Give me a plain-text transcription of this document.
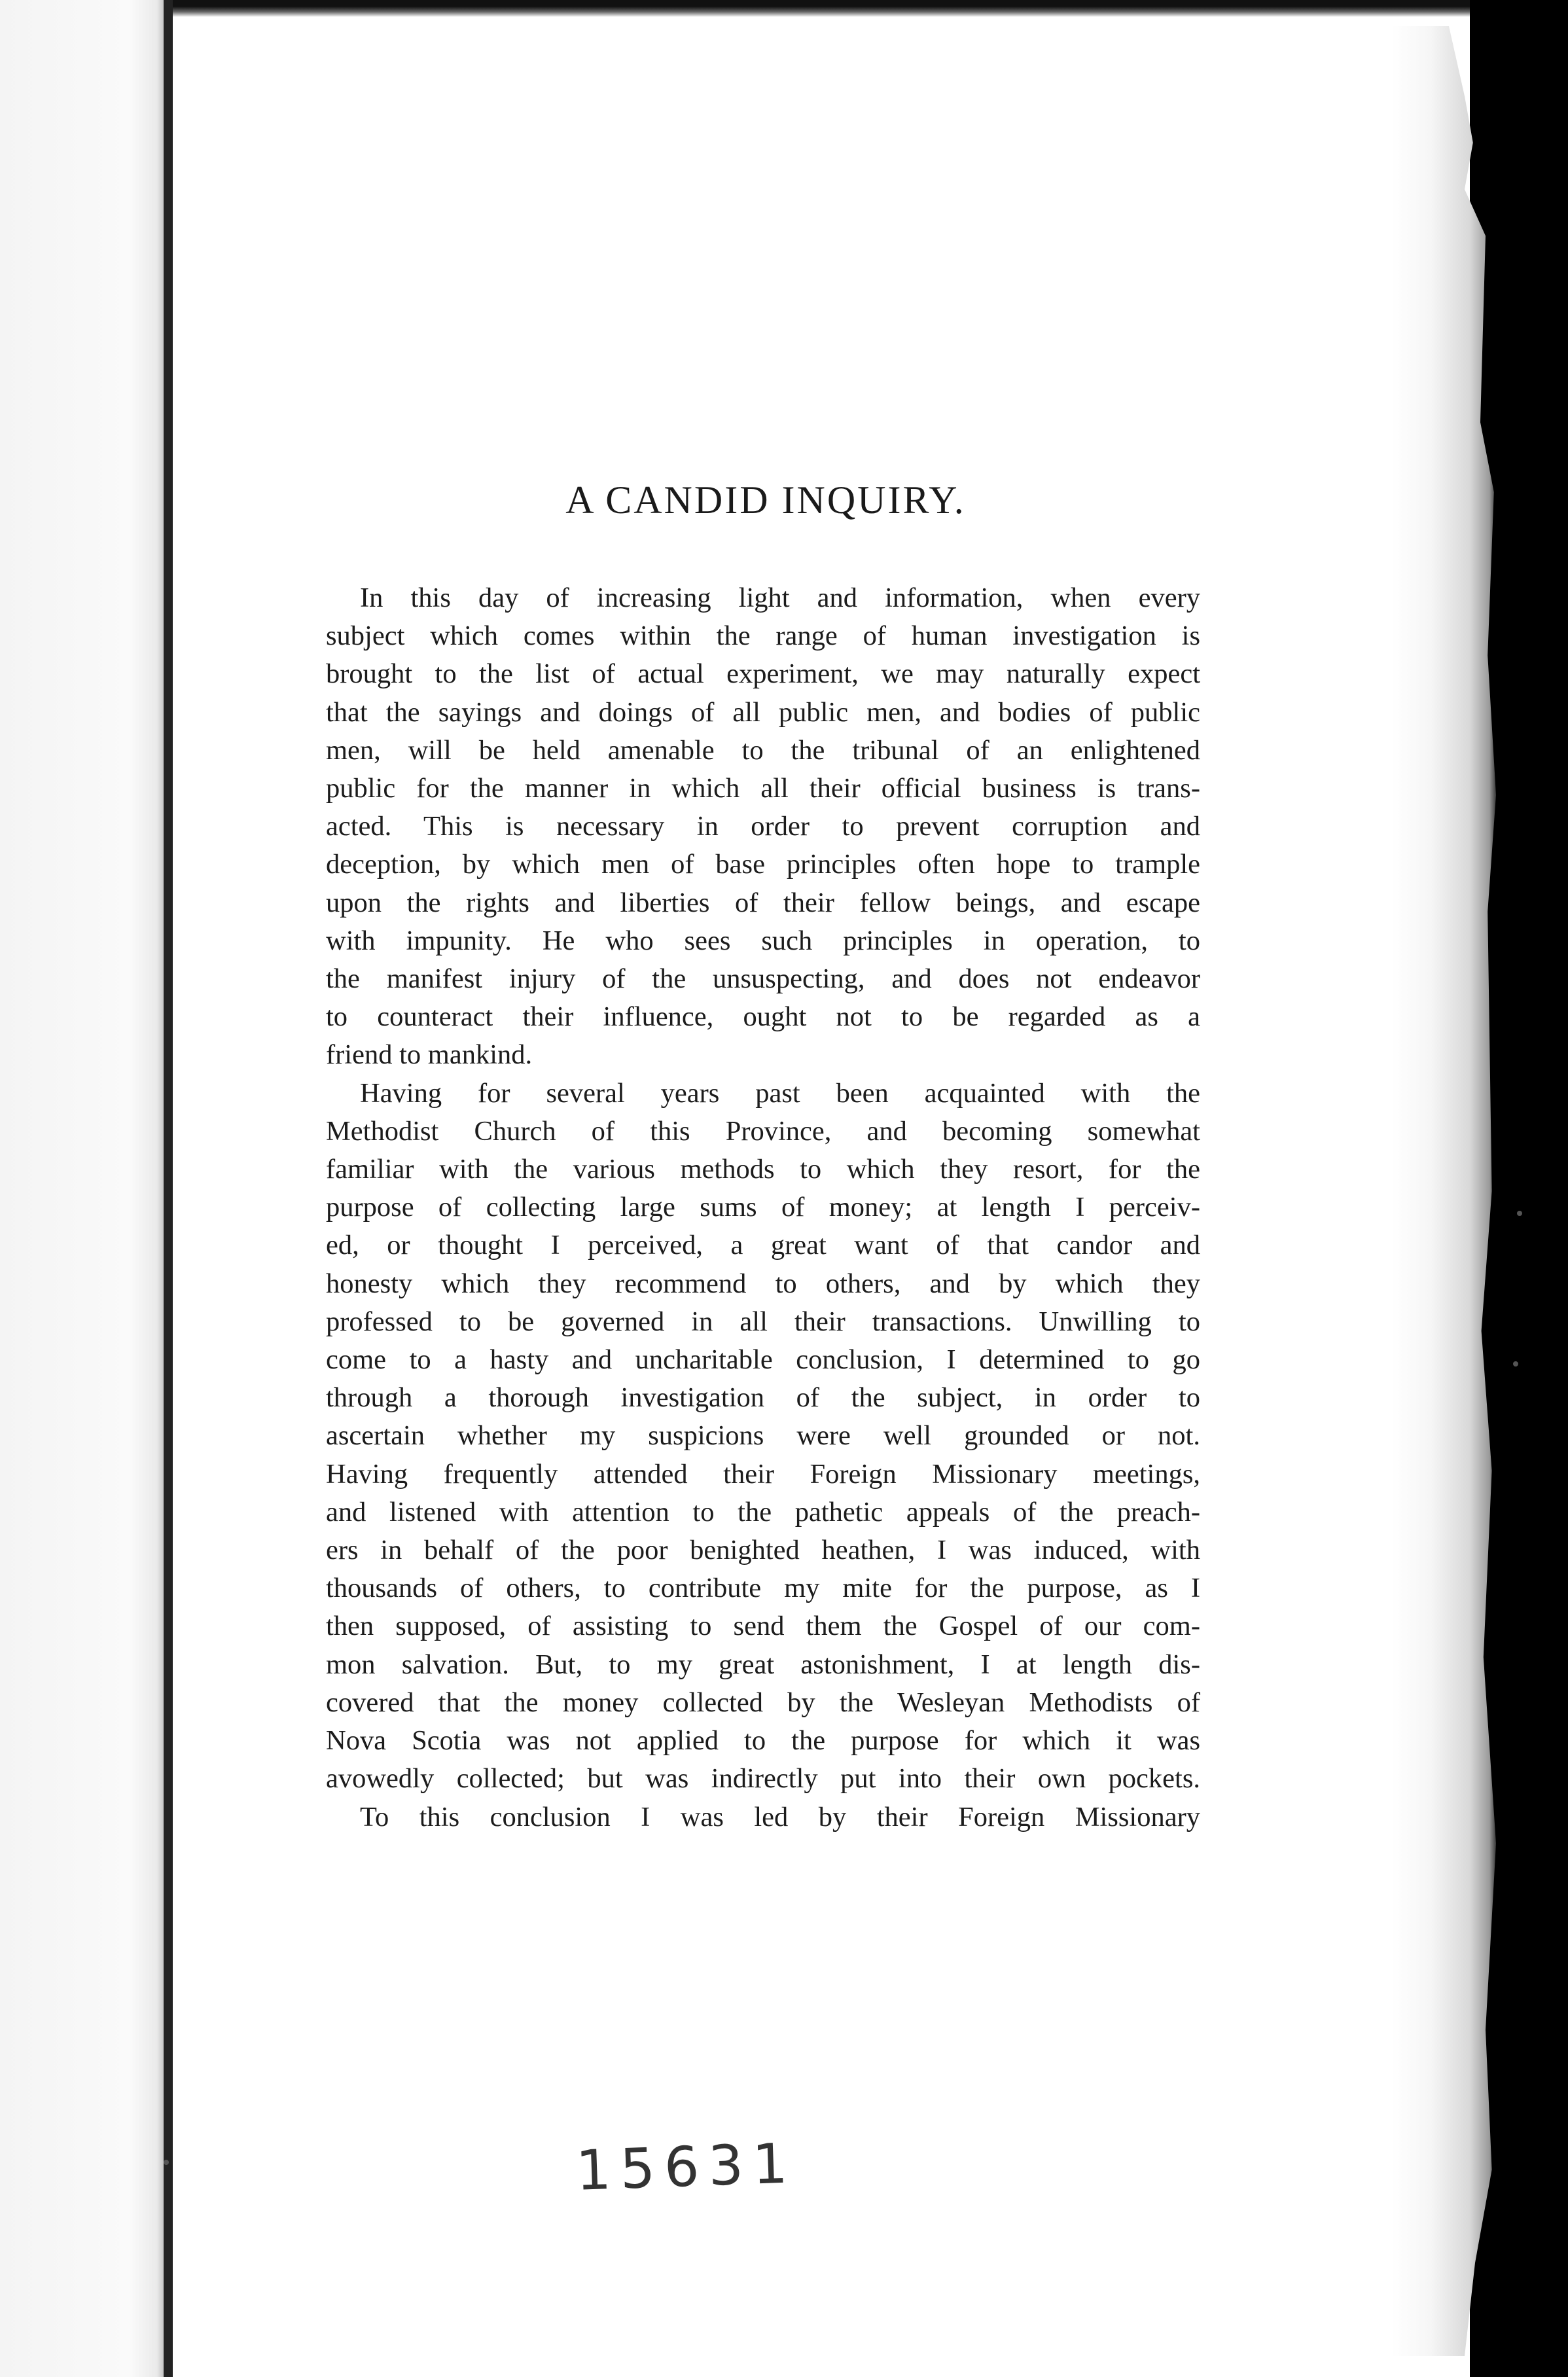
A CANDID INQUIRY.
In this day of increasing light and information, when every
subject which comes within the range of human investigation is
brought to the list of actual experiment, we may naturally expect
that the sayings and doings of all public men, and bodies of public
men, will be held amenable to the tribunal of an enlightened
public for the manner in which all their official business is trans-
acted. This is necessary in order to prevent corruption and
deception, by which men of base principles often hope to trample
upon the rights and liberties of their fellow beings, and escape
with impunity. He who sees such principles in operation, to
the manifest injury of the unsuspecting, and does not endeavor
to counteract their influence, ought not to be regarded as a
friend to mankind.
Having for several years past been acquainted with the
Methodist Church of this Province, and becoming somewhat
familiar with the various methods to which they resort, for the
purpose of collecting large sums of money; at length I perceiv-
ed, or thought I perceived, a great want of that candor and
honesty which they recommend to others, and by which they
professed to be governed in all their transactions. Unwilling to
come to a hasty and uncharitable conclusion, I determined to go
through a thorough investigation of the subject, in order to
ascertain whether my suspicions were well grounded or not.
Having frequently attended their Foreign Missionary meetings,
and listened with attention to the pathetic appeals of the preach-
ers in behalf of the poor benighted heathen, I was induced, with
thousands of others, to contribute my mite for the purpose, as I
then supposed, of assisting to send them the Gospel of our com-
mon salvation. But, to my great astonishment, I at length dis-
covered that the money collected by the Wesleyan Methodists of
Nova Scotia was not applied to the purpose for which it was
avowedly collected; but was indirectly put into their own pockets.
To this conclusion I was led by their Foreign Missionary
15631
